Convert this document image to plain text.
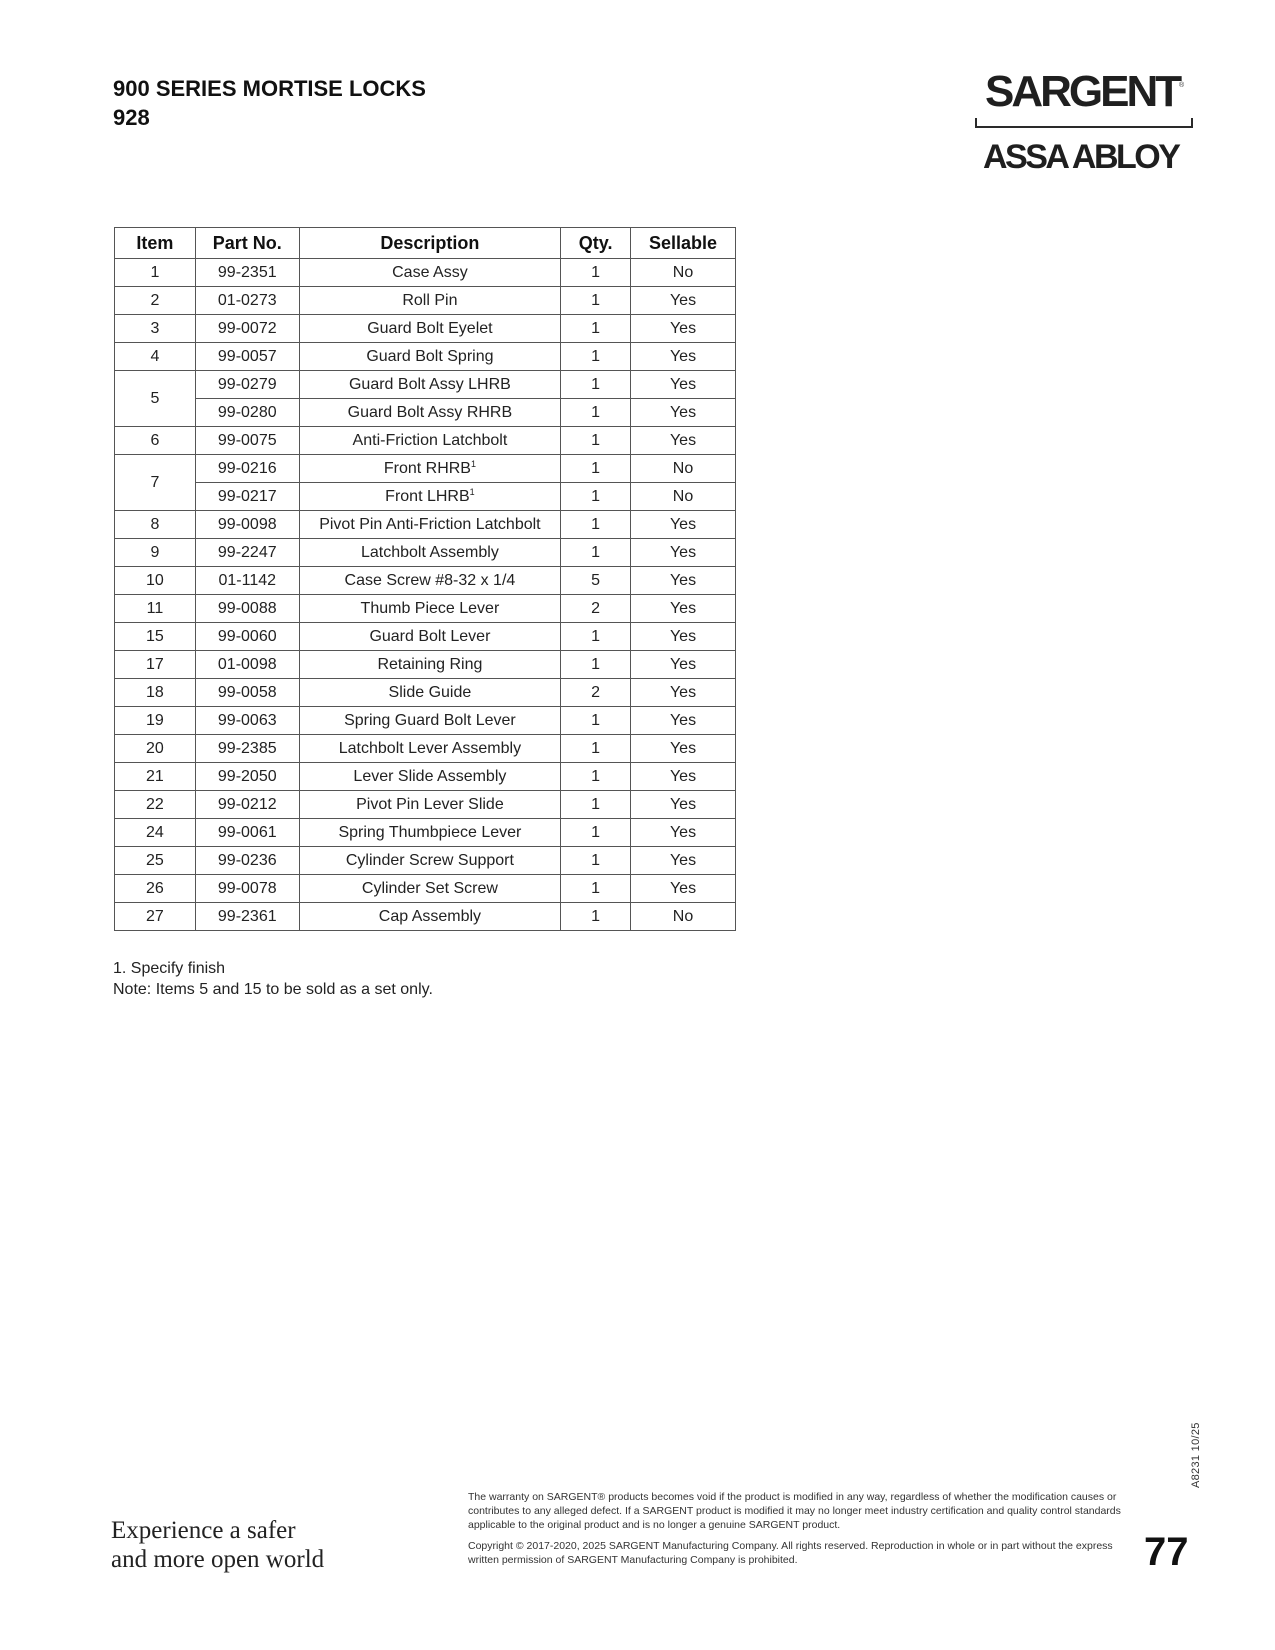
900 SERIES MORTISE LOCKS
928
SARGENT ®
ASSA ABLOY
Item	Part No.	Description	Qty.	Sellable
1	99-2351	Case Assy	1	No
2	01-0273	Roll Pin	1	Yes
3	99-0072	Guard Bolt Eyelet	1	Yes
4	99-0057	Guard Bolt Spring	1	Yes
5	99-0279	Guard Bolt Assy LHRB	1	Yes
	99-0280	Guard Bolt Assy RHRB	1	Yes
6	99-0075	Anti-Friction Latchbolt	1	Yes
7	99-0216	Front RHRB$^1$	1	No
	99-0217	Front LHRB$^1$	1	No
8	99-0098	Pivot Pin Anti-Friction Latchbolt	1	Yes
9	99-2247	Latchbolt Assembly	1	Yes
10	01-1142	Case Screw #8-32 x 1/4	5	Yes
11	99-0088	Thumb Piece Lever	2	Yes
15	99-0060	Guard Bolt Lever	1	Yes
17	01-0098	Retaining Ring	1	Yes
18	99-0058	Slide Guide	2	Yes
19	99-0063	Spring Guard Bolt Lever	1	Yes
20	99-2385	Latchbolt Lever Assembly	1	Yes
21	99-2050	Lever Slide Assembly	1	Yes
22	99-0212	Pivot Pin Lever Slide	1	Yes
24	99-0061	Spring Thumbpiece Lever	1	Yes
25	99-0236	Cylinder Screw Support	1	Yes
26	99-0078	Cylinder Set Screw	1	Yes
27	99-2361	Cap Assembly	1	No
1. Specify finish
Note: Items 5 and 15 to be sold as a set only.
A8231 10/25
Experience a safer
and more open world

The warranty on SARGENT® products becomes void if the product is modified in any way, regardless of whether the modification causes or contributes to any alleged defect. If a SARGENT product is modified it may no longer meet industry certification and quality control standards applicable to the original product and is no longer a genuine SARGENT product.

Copyright © 2017-2020, 2025 SARGENT Manufacturing Company. All rights reserved. Reproduction in whole or in part without the express written permission of SARGENT Manufacturing Company is prohibited.	77
